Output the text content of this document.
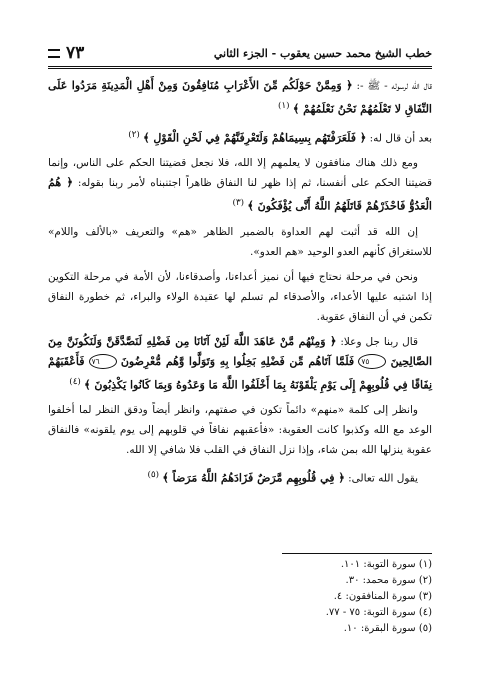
خطب الشيخ محمد حسين يعقوب - الجزء الثاني
٧٣

قال الله لرسوله - ﷺ -: ﴿ وَمِمَّنْ حَوْلَكُم مِّنَ الأَعْرَابِ مُنَافِقُونَ وَمِنْ أَهْلِ الْمَدِينَةِ مَرَدُوا عَلَى النِّفَاقِ لا تَعْلَمُهُمْ نَحْنُ نَعْلَمُهُمْ ﴾ $^{(١)}$

بعد أن قال له: ﴿ فَلَعَرَفْتَهُم بِسِيمَاهُمْ وَلَتَعْرِفَنَّهُمْ فِي لَحْنِ الْقَوْلِ ﴾ $^{(٢)}$

ومع ذلك هناك منافقون لا يعلمهم إلا الله، فلا نجعل قضيتنا الحكم على الناس، وإنما قضيتنا الحكم على أنفسنا، ثم إذا ظهر لنا النفاق ظاهراً اجتنبناه لأمر ربنا بقوله: ﴿ هُمُ الْعَدُوُّ فَاحْذَرْهُمْ قَاتَلَهُمُ اللَّهُ أَنَّى يُؤْفَكُونَ ﴾ $^{(٣)}$

إن الله قد أثبت لهم العداوة بالضمير الظاهر «هم» والتعريف «بالألف واللام» للاستغراق كأنهم العدو الوحيد «هم العدو».

ونحن في مرحلة نحتاج فيها أن نميز أعداءنا، وأصدقاءنا، لأن الأمة في مرحلة التكوين إذا اشتبه عليها الأعداء، والأصدقاء لم تسلم لها عقيدة الولاء والبراء، ثم خطورة النفاق تكمن في أن النفاق عقوبة.

قال ربنا جل وعلا: ﴿ وَمِنْهُم مَّنْ عَاهَدَ اللَّهَ لَئِنْ آتَانَا مِن فَضْلِهِ لَنَصَّدَّقَنَّ وَلَنَكُونَنَّ مِنَ الصَّالِحِينَ ٧٥ فَلَمَّا آتَاهُم مِّن فَضْلِهِ بَخِلُوا بِهِ وَتَوَلَّوا وَّهُم مُّعْرِضُونَ ٧٦ فَأَعْقَبَهُمْ نِفَاقًا فِي قُلُوبِهِمْ إِلَى يَوْمِ يَلْقَوْنَهُ بِمَا أَخْلَفُوا اللَّهَ مَا وَعَدُوهُ وَبِمَا كَانُوا يَكْذِبُونَ ﴾ $^{(٤)}$

وانظر إلى كلمة «منهم» دائماً تكون في صفتهم، وانظر أيضاً ودقق النظر لما أخلفوا الوعد مع الله وكذبوا كانت العقوبة: «فأعقبهم نفاقاً في قلوبهم إلى يوم يلقونه» فالنفاق عقوبة ينزلها الله بمن شاء، وإذا نزل النفاق في القلب فلا شافي إلا الله.

يقول الله تعالى: ﴿ فِي قُلُوبِهِم مَّرَضٌ فَزَادَهُمُ اللَّهُ مَرَضاً ﴾ $^{(٥)}$

(١) سورة التوبة: ١٠١.
(٢) سورة محمد: ٣٠.
(٣) سورة المنافقون: ٤.
(٤) سورة التوبة: ٧٥ - ٧٧.
(٥) سورة البقرة: ١٠.
